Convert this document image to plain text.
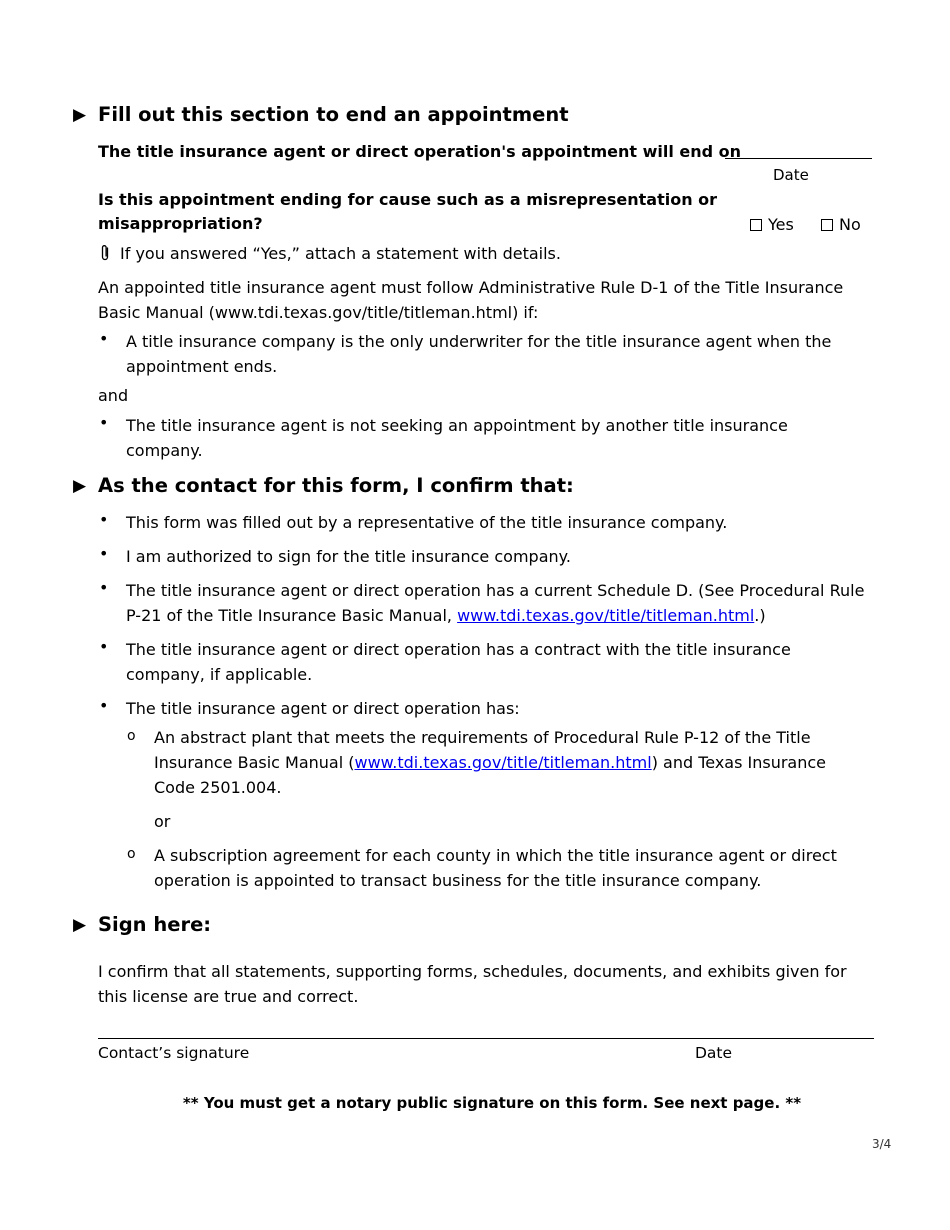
▶ Fill out this section to end an appointment
The title insurance agent or direct operation's appointment will end on
Date
Is this appointment ending for cause such as a misrepresentation or
misappropriation?	Yes	No
If you answered “Yes,” attach a statement with details.
An appointed title insurance agent must follow Administrative Rule D-1 of the Title Insurance
Basic Manual (www.tdi.texas.gov/title/titleman.html) if:
• A title insurance company is the only underwriter for the title insurance agent when the
appointment ends.
and
• The title insurance agent is not seeking an appointment by another title insurance
company.
▶ As the contact for this form, I confirm that:
• This form was filled out by a representative of the title insurance company.
• I am authorized to sign for the title insurance company.
• The title insurance agent or direct operation has a current Schedule D. (See Procedural Rule
P-21 of the Title Insurance Basic Manual, www.tdi.texas.gov/title/titleman.html.)
• The title insurance agent or direct operation has a contract with the title insurance
company, if applicable.
• The title insurance agent or direct operation has:
o An abstract plant that meets the requirements of Procedural Rule P-12 of the Title
Insurance Basic Manual (www.tdi.texas.gov/title/titleman.html) and Texas Insurance
Code 2501.004.
or
o A subscription agreement for each county in which the title insurance agent or direct
operation is appointed to transact business for the title insurance company.
▶ Sign here:
I confirm that all statements, supporting forms, schedules, documents, and exhibits given for
this license are true and correct.
Contact’s signature	Date
** You must get a notary public signature on this form. See next page. **
3/4
